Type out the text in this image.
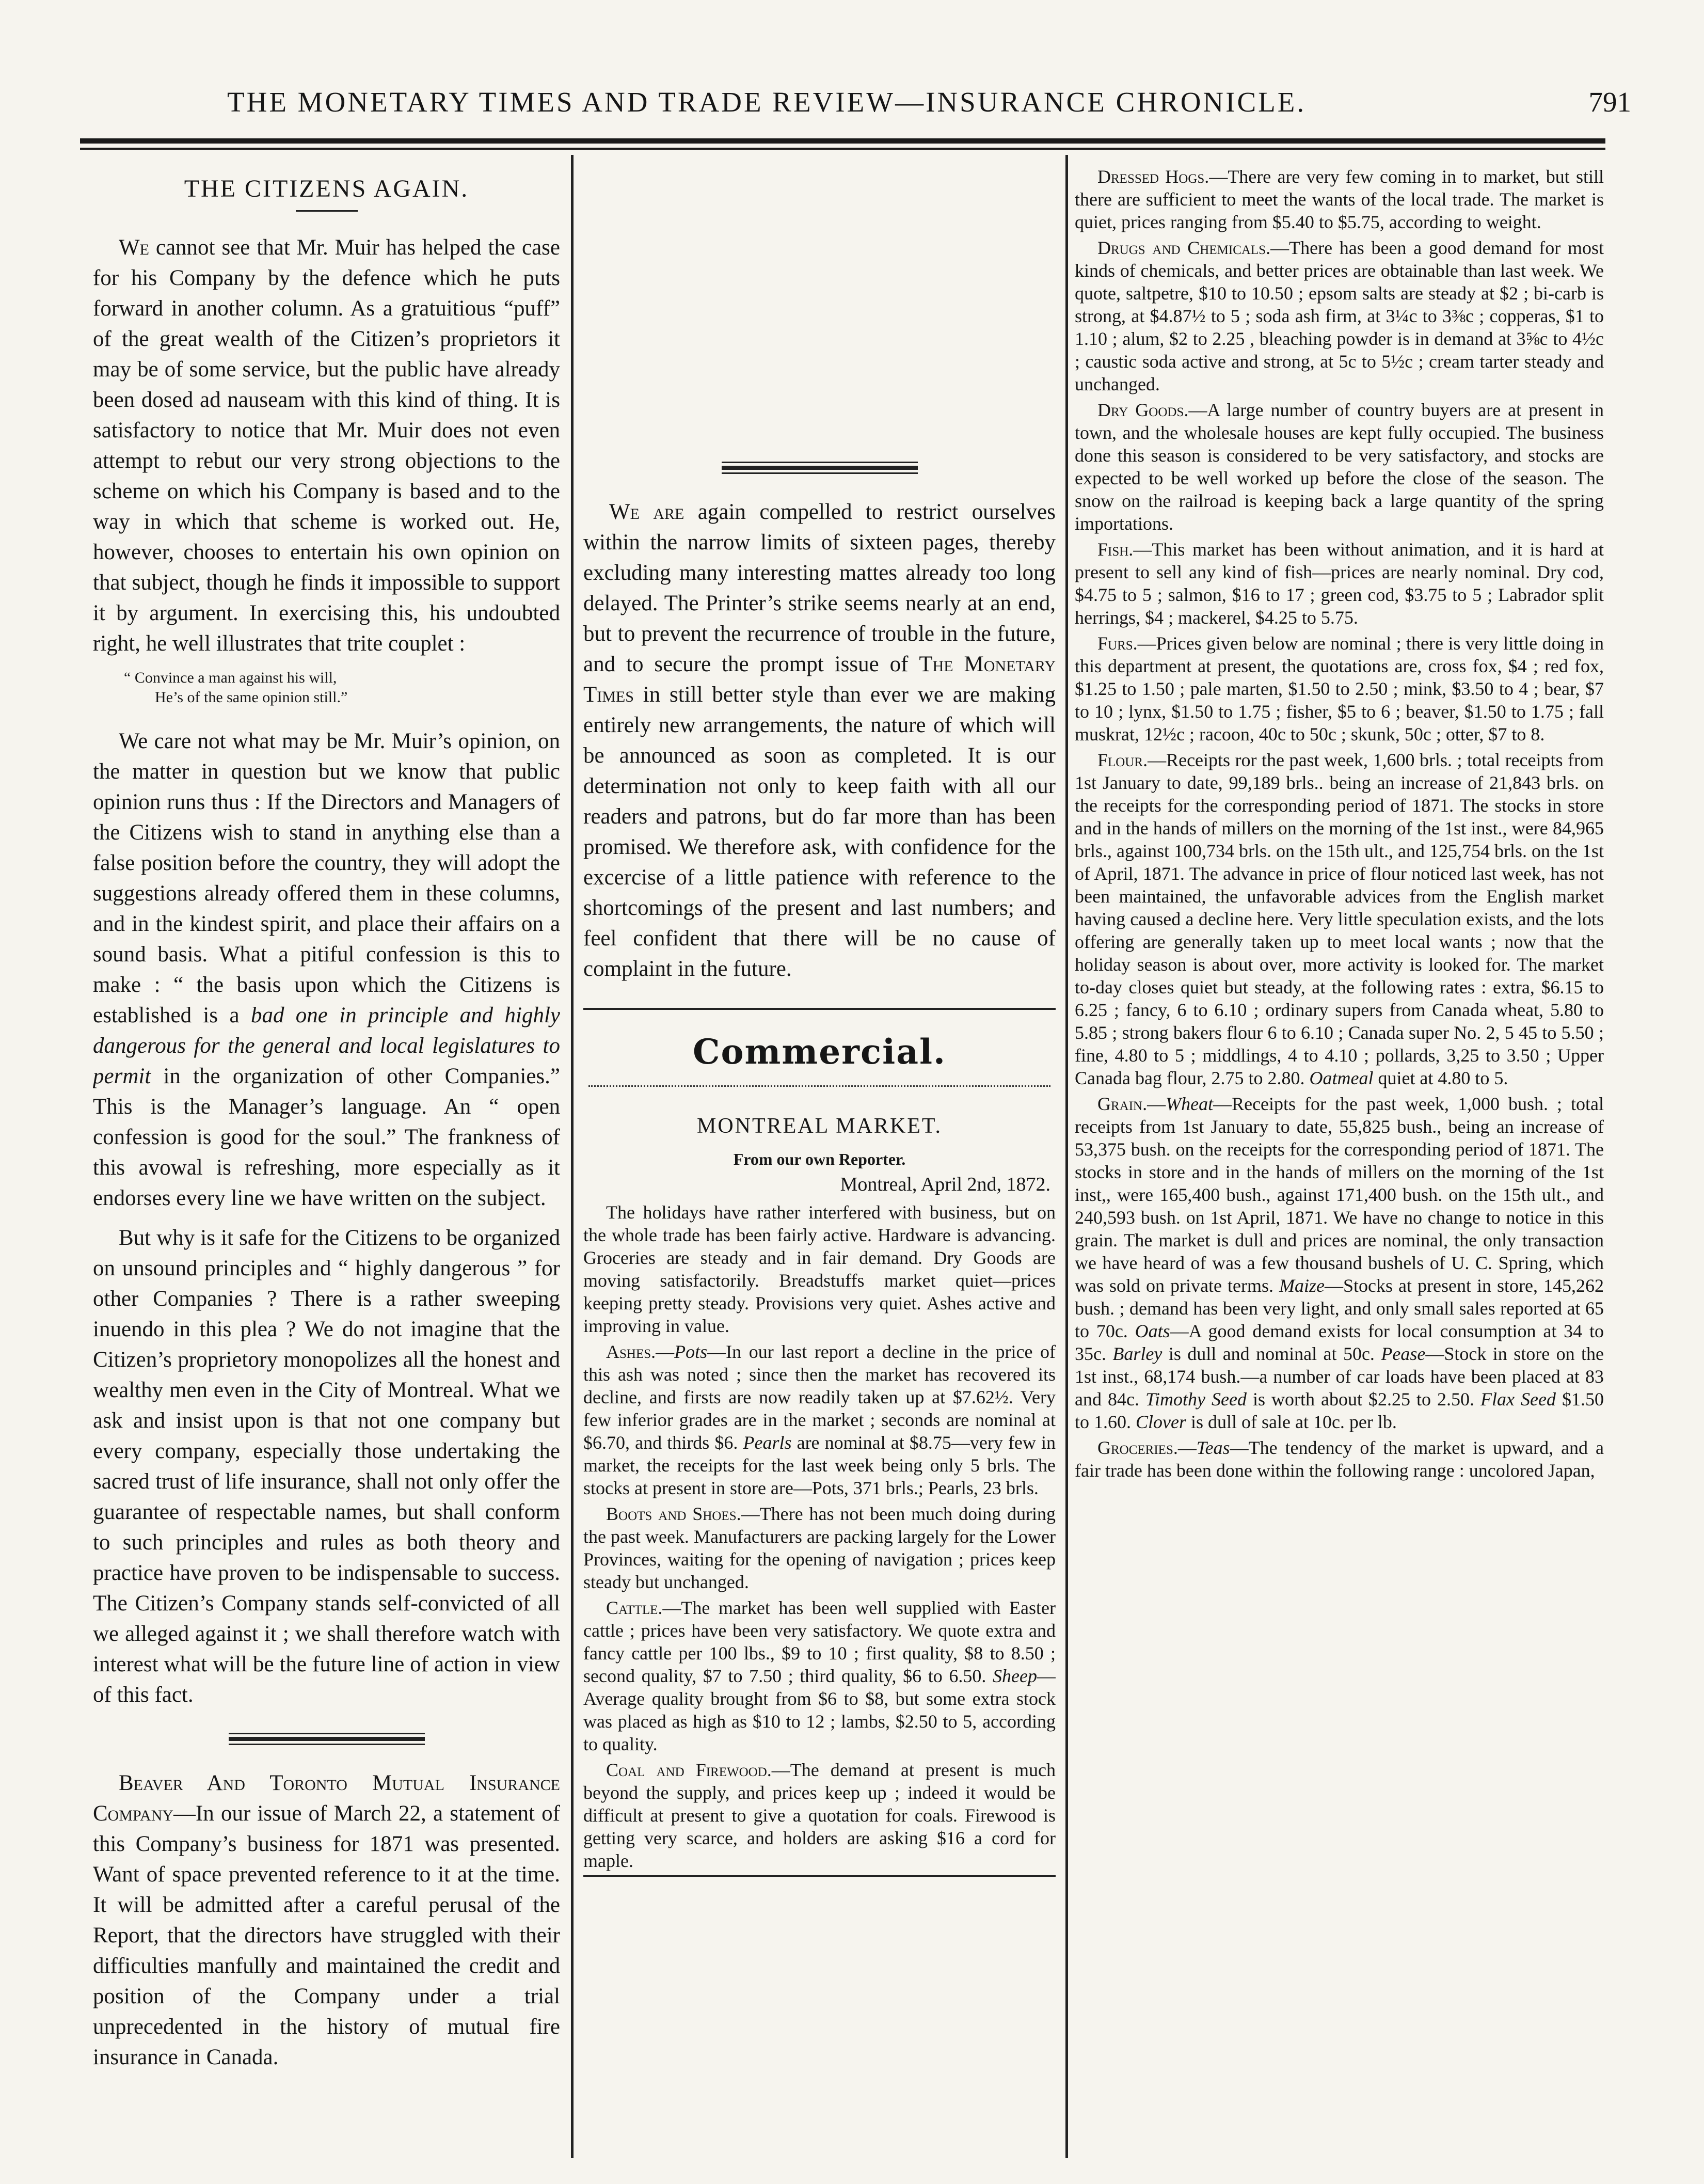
THE MONETARY TIMES AND TRADE REVIEW—INSURANCE CHRONICLE.	791
THE CITIZENS AGAIN.

We cannot see that Mr. Muir has helped the case for his Company by the defence which he puts forward in another column. As a gratuitious “puff” of the great wealth of the Citizen’s proprietors it may be of some service, but the public have already been dosed ad nauseam with this kind of thing. It is satisfactory to notice that Mr. Muir does not even attempt to rebut our very strong objections to the scheme on which his Company is based and to the way in which that scheme is worked out. He, however, chooses to entertain his own opinion on that subject, though he finds it impossible to support it by argument. In exercising this, his undoubted right, he well illustrates that trite couplet :

“ Convince a man against his will,
He’s of the same opinion still.”

We care not what may be Mr. Muir’s opinion, on the matter in question but we know that public opinion runs thus : If the Directors and Managers of the Citizens wish to stand in anything else than a false position before the country, they will adopt the suggestions already offered them in these columns, and in the kindest spirit, and place their affairs on a sound basis. What a pitiful confession is this to make : “ the basis upon which the Citizens is established is a bad one in principle and highly dangerous for the general and local legislatures to permit in the organization of other Companies.” This is the Manager’s language. An “ open confession is good for the soul.” The frankness of this avowal is refreshing, more especially as it endorses every line we have written on the subject.

But why is it safe for the Citizens to be organized on unsound principles and “ highly dangerous ” for other Companies ? There is a rather sweeping inuendo in this plea ? We do not imagine that the Citizen’s proprietory monopolizes all the honest and wealthy men even in the City of Montreal. What we ask and insist upon is that not one company but every company, especially those undertaking the sacred trust of life insurance, shall not only offer the guarantee of respectable names, but shall conform to such principles and rules as both theory and practice have proven to be indispensable to success. The Citizen’s Company stands self-convicted of all we alleged against it ; we shall therefore watch with interest what will be the future line of action in view of this fact.

Beaver And Toronto Mutual Insurance Company—In our issue of March 22, a statement of this Company’s business for 1871 was presented. Want of space prevented reference to it at the time. It will be admitted after a careful perusal of the Report, that the directors have struggled with their difficulties manfully and maintained the credit and position of the Company under a trial unprecedented in the history of mutual fire insurance in Canada.

We are again compelled to restrict ourselves within the narrow limits of sixteen pages, thereby excluding many interesting mattes already too long delayed. The Printer’s strike seems nearly at an end, but to prevent the recurrence of trouble in the future, and to secure the prompt issue of The Monetary Times in still better style than ever we are making entirely new arrangements, the nature of which will be announced as soon as completed. It is our determination not only to keep faith with all our readers and patrons, but do far more than has been promised. We therefore ask, with confidence for the excercise of a little patience with reference to the shortcomings of the present and last numbers; and feel confident that there will be no cause of complaint in the future.

Commercial.
MONTREAL MARKET.
From our own Reporter.
Montreal, April 2nd, 1872.

The holidays have rather interfered with business, but on the whole trade has been fairly active. Hardware is advancing. Groceries are steady and in fair demand. Dry Goods are moving satisfactorily. Breadstuffs market quiet—prices keeping pretty steady. Provisions very quiet. Ashes active and improving in value.

Ashes.—Pots—In our last report a decline in the price of this ash was noted ; since then the market has recovered its decline, and firsts are now readily taken up at $7.62½. Very few inferior grades are in the market ; seconds are nominal at $6.70, and thirds $6. Pearls are nominal at $8.75—very few in market, the receipts for the last week being only 5 brls. The stocks at present in store are—Pots, 371 brls.; Pearls, 23 brls.

Boots and Shoes.—There has not been much doing during the past week. Manufacturers are packing largely for the Lower Provinces, waiting for the opening of navigation ; prices keep steady but unchanged.

Cattle.—The market has been well supplied with Easter cattle ; prices have been very satisfactory. We quote extra and fancy cattle per 100 lbs., $9 to 10 ; first quality, $8 to 8.50 ; second quality, $7 to 7.50 ; third quality, $6 to 6.50. Sheep—Average quality brought from $6 to $8, but some extra stock was placed as high as $10 to 12 ; lambs, $2.50 to 5, according to quality.

Coal and Firewood.—The demand at present is much beyond the supply, and prices keep up ; indeed it would be difficult at present to give a quotation for coals. Firewood is getting very scarce, and holders are asking $16 a cord for maple.

Dressed Hogs.—There are very few coming in to market, but still there are sufficient to meet the wants of the local trade. The market is quiet, prices ranging from $5.40 to $5.75, according to weight.

Drugs and Chemicals.—There has been a good demand for most kinds of chemicals, and better prices are obtainable than last week. We quote, saltpetre, $10 to 10.50 ; epsom salts are steady at $2 ; bi-carb is strong, at $4.87½ to 5 ; soda ash firm, at 3¼c to 3⅜c ; copperas, $1 to 1.10 ; alum, $2 to 2.25 , bleaching powder is in demand at 3⅝c to 4½c ; caustic soda active and strong, at 5c to 5½c ; cream tarter steady and unchanged.

Dry Goods.—A large number of country buyers are at present in town, and the wholesale houses are kept fully occupied. The business done this season is considered to be very satisfactory, and stocks are expected to be well worked up before the close of the season. The snow on the railroad is keeping back a large quantity of the spring importations.

Fish.—This market has been without animation, and it is hard at present to sell any kind of fish—prices are nearly nominal. Dry cod, $4.75 to 5 ; salmon, $16 to 17 ; green cod, $3.75 to 5 ; Labrador split herrings, $4 ; mackerel, $4.25 to 5.75.

Furs.—Prices given below are nominal ; there is very little doing in this department at present, the quotations are, cross fox, $4 ; red fox, $1.25 to 1.50 ; pale marten, $1.50 to 2.50 ; mink, $3.50 to 4 ; bear, $7 to 10 ; lynx, $1.50 to 1.75 ; fisher, $5 to 6 ; beaver, $1.50 to 1.75 ; fall muskrat, 12½c ; racoon, 40c to 50c ; skunk, 50c ; otter, $7 to 8.

Flour.—Receipts ror the past week, 1,600 brls. ; total receipts from 1st January to date, 99,189 brls.. being an increase of 21,843 brls. on the receipts for the corresponding period of 1871. The stocks in store and in the hands of millers on the morning of the 1st inst., were 84,965 brls., against 100,734 brls. on the 15th ult., and 125,754 brls. on the 1st of April, 1871. The advance in price of flour noticed last week, has not been maintained, the unfavorable advices from the English market having caused a decline here. Very little speculation exists, and the lots offering are generally taken up to meet local wants ; now that the holiday season is about over, more activity is looked for. The market to-day closes quiet but steady, at the following rates : extra, $6.15 to 6.25 ; fancy, 6 to 6.10 ; ordinary supers from Canada wheat, 5.80 to 5.85 ; strong bakers flour 6 to 6.10 ; Canada super No. 2, 5 45 to 5.50 ; fine, 4.80 to 5 ; middlings, 4 to 4.10 ; pollards, 3,25 to 3.50 ; Upper Canada bag flour, 2.75 to 2.80. Oatmeal quiet at 4.80 to 5.

Grain.—Wheat—Receipts for the past week, 1,000 bush. ; total receipts from 1st January to date, 55,825 bush., being an increase of 53,375 bush. on the receipts for the corresponding period of 1871. The stocks in store and in the hands of millers on the morning of the 1st inst,, were 165,400 bush., against 171,400 bush. on the 15th ult., and 240,593 bush. on 1st April, 1871. We have no change to notice in this grain. The market is dull and prices are nominal, the only transaction we have heard of was a few thousand bushels of U. C. Spring, which was sold on private terms. Maize—Stocks at present in store, 145,262 bush. ; demand has been very light, and only small sales reported at 65 to 70c. Oats—A good demand exists for local consumption at 34 to 35c. Barley is dull and nominal at 50c. Pease—Stock in store on the 1st inst., 68,174 bush.—a number of car loads have been placed at 83 and 84c. Timothy Seed is worth about $2.25 to 2.50. Flax Seed $1.50 to 1.60. Clover is dull of sale at 10c. per lb.

Groceries.—Teas—The tendency of the market is upward, and a fair trade has been done within the following range : uncolored Japan,
